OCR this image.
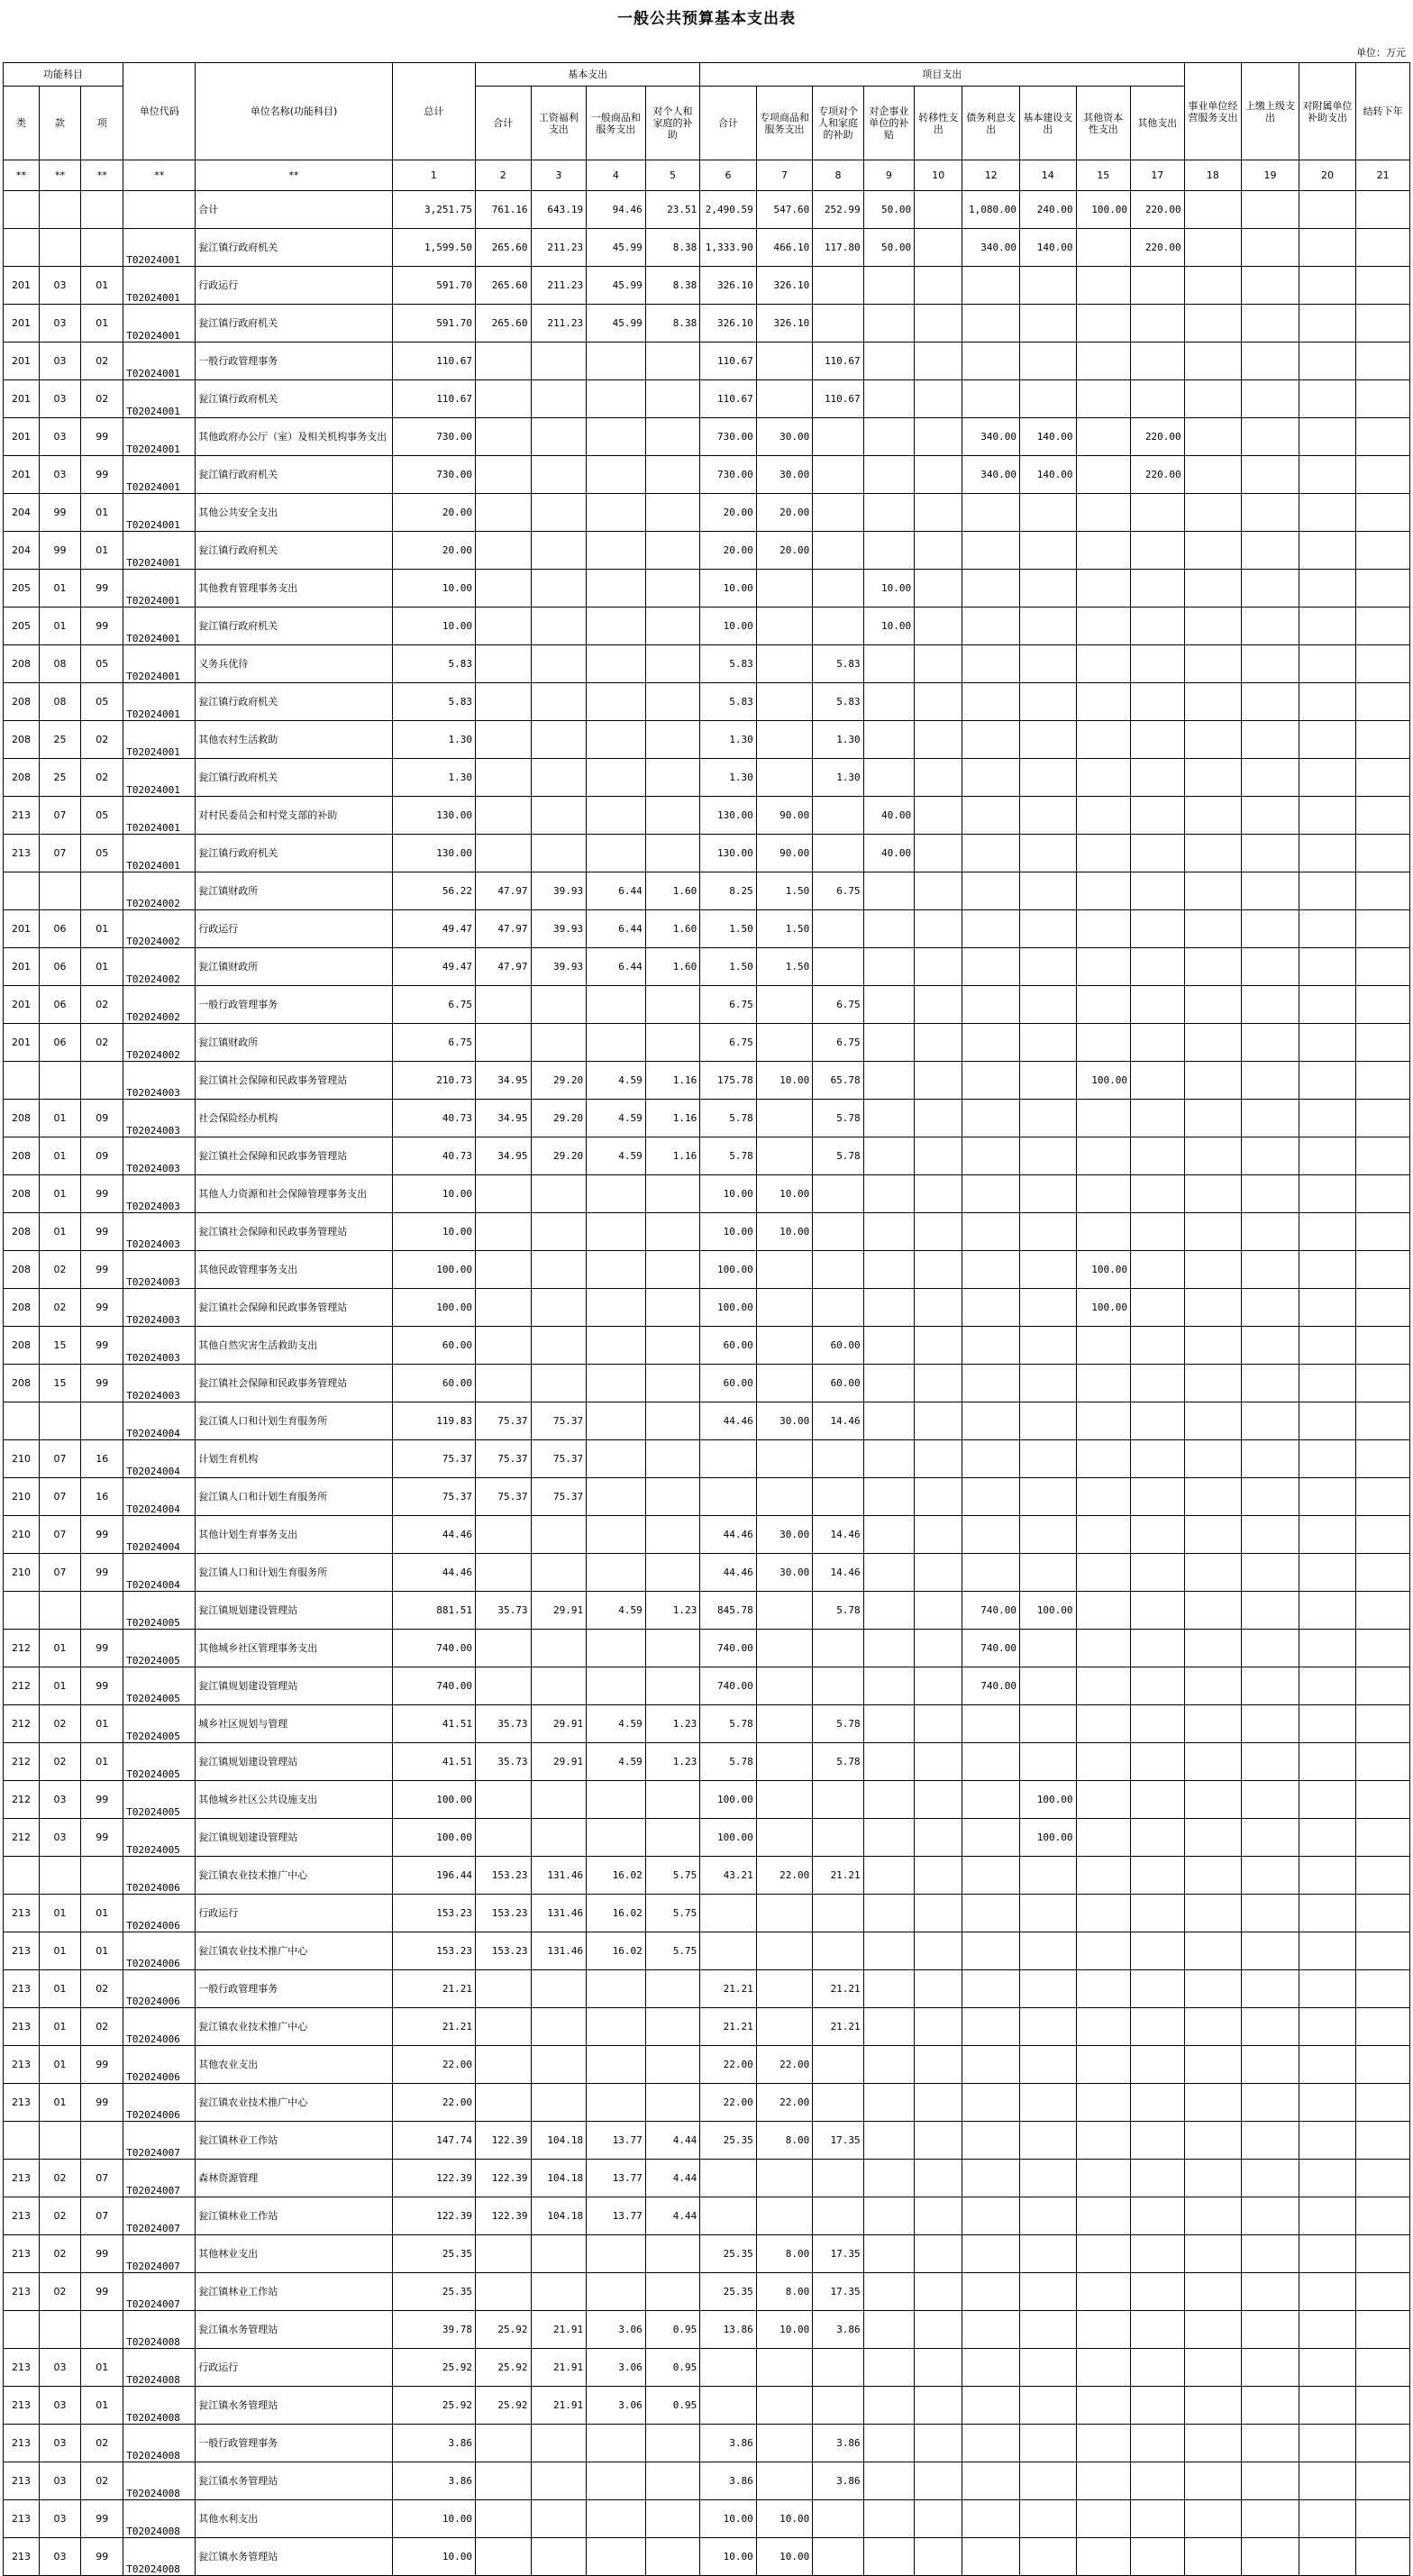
一般公共预算基本支出表
单位：万元
功能科目			单位代码	单位名称(功能科目)	总计	基本支出				项目支出									事业单位经营服务支出	上缴上级支出	对附属单位补助支出	结转下年
类	款	项				合计	工资福利支出	一般商品和服务支出	对个人和家庭的补助	合计	专项商品和服务支出	专项对个人和家庭的补助	对企事业单位的补贴	转移性支出	债务利息支出	基本建设支出	其他资本性支出	其他支出				
**	**	**	**	**	1	2	3	4	5	6	7	8	9	10	12	14	15	17	18	19	20	21
				合计	3,251.75	761.16	643.19	94.46	23.51	2,490.59	547.60	252.99	50.00		1,080.00	240.00	100.00	220.00				
			T02024001	瓮江镇行政府机关	1,599.50	265.60	211.23	45.99	8.38	1,333.90	466.10	117.80	50.00		340.00	140.00		220.00				
201	03	01	T02024001	行政运行	591.70	265.60	211.23	45.99	8.38	326.10	326.10											
201	03	01	T02024001	瓮江镇行政府机关	591.70	265.60	211.23	45.99	8.38	326.10	326.10											
201	03	02	T02024001	一般行政管理事务	110.67					110.67		110.67										
201	03	02	T02024001	瓮江镇行政府机关	110.67					110.67		110.67										
201	03	99	T02024001	其他政府办公厅（室）及相关机构事务支出	730.00					730.00	30.00				340.00	140.00		220.00				
201	03	99	T02024001	瓮江镇行政府机关	730.00					730.00	30.00				340.00	140.00		220.00				
204	99	01	T02024001	其他公共安全支出	20.00					20.00	20.00											
204	99	01	T02024001	瓮江镇行政府机关	20.00					20.00	20.00											
205	01	99	T02024001	其他教育管理事务支出	10.00					10.00			10.00									
205	01	99	T02024001	瓮江镇行政府机关	10.00					10.00			10.00									
208	08	05	T02024001	义务兵优待	5.83					5.83		5.83										
208	08	05	T02024001	瓮江镇行政府机关	5.83					5.83		5.83										
208	25	02	T02024001	其他农村生活救助	1.30					1.30		1.30										
208	25	02	T02024001	瓮江镇行政府机关	1.30					1.30		1.30										
213	07	05	T02024001	对村民委员会和村党支部的补助	130.00					130.00	90.00		40.00									
213	07	05	T02024001	瓮江镇行政府机关	130.00					130.00	90.00		40.00									
			T02024002	瓮江镇财政所	56.22	47.97	39.93	6.44	1.60	8.25	1.50	6.75										
201	06	01	T02024002	行政运行	49.47	47.97	39.93	6.44	1.60	1.50	1.50											
201	06	01	T02024002	瓮江镇财政所	49.47	47.97	39.93	6.44	1.60	1.50	1.50											
201	06	02	T02024002	一般行政管理事务	6.75					6.75		6.75										
201	06	02	T02024002	瓮江镇财政所	6.75					6.75		6.75										
			T02024003	瓮江镇社会保障和民政事务管理站	210.73	34.95	29.20	4.59	1.16	175.78	10.00	65.78					100.00					
208	01	09	T02024003	社会保险经办机构	40.73	34.95	29.20	4.59	1.16	5.78		5.78										
208	01	09	T02024003	瓮江镇社会保障和民政事务管理站	40.73	34.95	29.20	4.59	1.16	5.78		5.78										
208	01	99	T02024003	其他人力资源和社会保障管理事务支出	10.00					10.00	10.00											
208	01	99	T02024003	瓮江镇社会保障和民政事务管理站	10.00					10.00	10.00											
208	02	99	T02024003	其他民政管理事务支出	100.00					100.00							100.00					
208	02	99	T02024003	瓮江镇社会保障和民政事务管理站	100.00					100.00							100.00					
208	15	99	T02024003	其他自然灾害生活救助支出	60.00					60.00		60.00										
208	15	99	T02024003	瓮江镇社会保障和民政事务管理站	60.00					60.00		60.00										
			T02024004	瓮江镇人口和计划生育服务所	119.83	75.37	75.37			44.46	30.00	14.46										
210	07	16	T02024004	计划生育机构	75.37	75.37	75.37															
210	07	16	T02024004	瓮江镇人口和计划生育服务所	75.37	75.37	75.37															
210	07	99	T02024004	其他计划生育事务支出	44.46					44.46	30.00	14.46										
210	07	99	T02024004	瓮江镇人口和计划生育服务所	44.46					44.46	30.00	14.46										
			T02024005	瓮江镇规划建设管理站	881.51	35.73	29.91	4.59	1.23	845.78		5.78			740.00	100.00						
212	01	99	T02024005	其他城乡社区管理事务支出	740.00					740.00					740.00							
212	01	99	T02024005	瓮江镇规划建设管理站	740.00					740.00					740.00							
212	02	01	T02024005	城乡社区规划与管理	41.51	35.73	29.91	4.59	1.23	5.78		5.78										
212	02	01	T02024005	瓮江镇规划建设管理站	41.51	35.73	29.91	4.59	1.23	5.78		5.78										
212	03	99	T02024005	其他城乡社区公共设施支出	100.00					100.00						100.00						
212	03	99	T02024005	瓮江镇规划建设管理站	100.00					100.00						100.00						
			T02024006	瓮江镇农业技术推广中心	196.44	153.23	131.46	16.02	5.75	43.21	22.00	21.21										
213	01	01	T02024006	行政运行	153.23	153.23	131.46	16.02	5.75													
213	01	01	T02024006	瓮江镇农业技术推广中心	153.23	153.23	131.46	16.02	5.75													
213	01	02	T02024006	一般行政管理事务	21.21					21.21		21.21										
213	01	02	T02024006	瓮江镇农业技术推广中心	21.21					21.21		21.21										
213	01	99	T02024006	其他农业支出	22.00					22.00	22.00											
213	01	99	T02024006	瓮江镇农业技术推广中心	22.00					22.00	22.00											
			T02024007	瓮江镇林业工作站	147.74	122.39	104.18	13.77	4.44	25.35	8.00	17.35										
213	02	07	T02024007	森林资源管理	122.39	122.39	104.18	13.77	4.44													
213	02	07	T02024007	瓮江镇林业工作站	122.39	122.39	104.18	13.77	4.44													
213	02	99	T02024007	其他林业支出	25.35					25.35	8.00	17.35										
213	02	99	T02024007	瓮江镇林业工作站	25.35					25.35	8.00	17.35										
			T02024008	瓮江镇水务管理站	39.78	25.92	21.91	3.06	0.95	13.86	10.00	3.86										
213	03	01	T02024008	行政运行	25.92	25.92	21.91	3.06	0.95													
213	03	01	T02024008	瓮江镇水务管理站	25.92	25.92	21.91	3.06	0.95													
213	03	02	T02024008	一般行政管理事务	3.86					3.86		3.86										
213	03	02	T02024008	瓮江镇水务管理站	3.86					3.86		3.86										
213	03	99	T02024008	其他水利支出	10.00					10.00	10.00											
213	03	99	T02024008	瓮江镇水务管理站	10.00					10.00	10.00											
